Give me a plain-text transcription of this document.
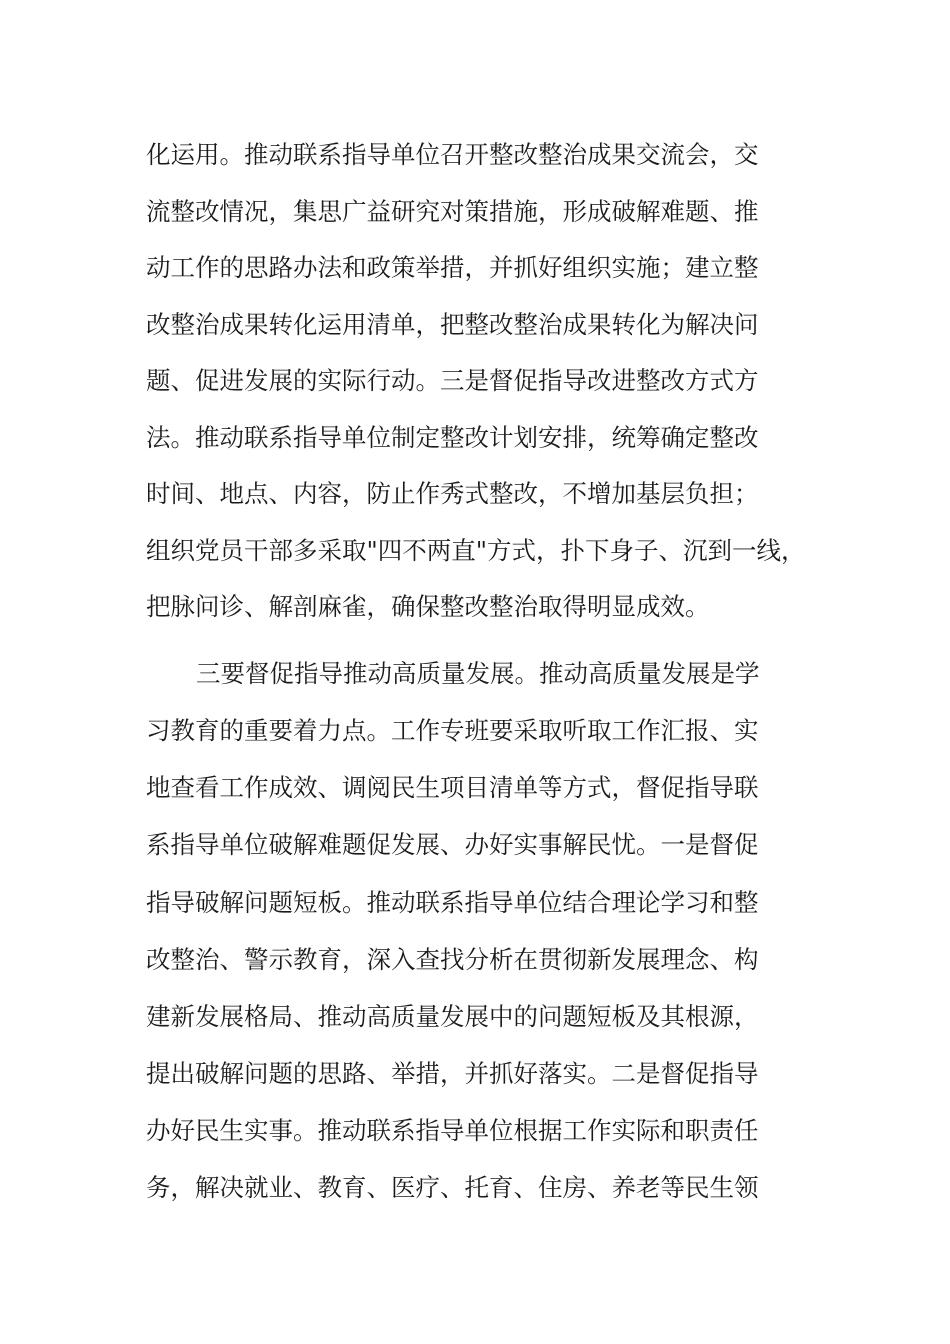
化运用。推动联系指导单位召开整改整治成果交流会，交
流整改情况，集思广益研究对策措施，形成破解难题、推
动工作的思路办法和政策举措，并抓好组织实施；建立整
改整治成果转化运用清单，把整改整治成果转化为解决问
题、促进发展的实际行动。三是督促指导改进整改方式方
法。推动联系指导单位制定整改计划安排，统筹确定整改
时间、地点、内容，防止作秀式整改，不增加基层负担；
组织党员干部多采取"四不两直"方式，扑下身子、沉到一线，
把脉问诊、解剖麻雀，确保整改整治取得明显成效。
三要督促指导推动高质量发展。推动高质量发展是学
习教育的重要着力点。工作专班要采取听取工作汇报、实
地查看工作成效、调阅民生项目清单等方式，督促指导联
系指导单位破解难题促发展、办好实事解民忧。一是督促
指导破解问题短板。推动联系指导单位结合理论学习和整
改整治、警示教育，深入查找分析在贯彻新发展理念、构
建新发展格局、推动高质量发展中的问题短板及其根源，
提出破解问题的思路、举措，并抓好落实。二是督促指导
办好民生实事。推动联系指导单位根据工作实际和职责任
务，解决就业、教育、医疗、托育、住房、养老等民生领
